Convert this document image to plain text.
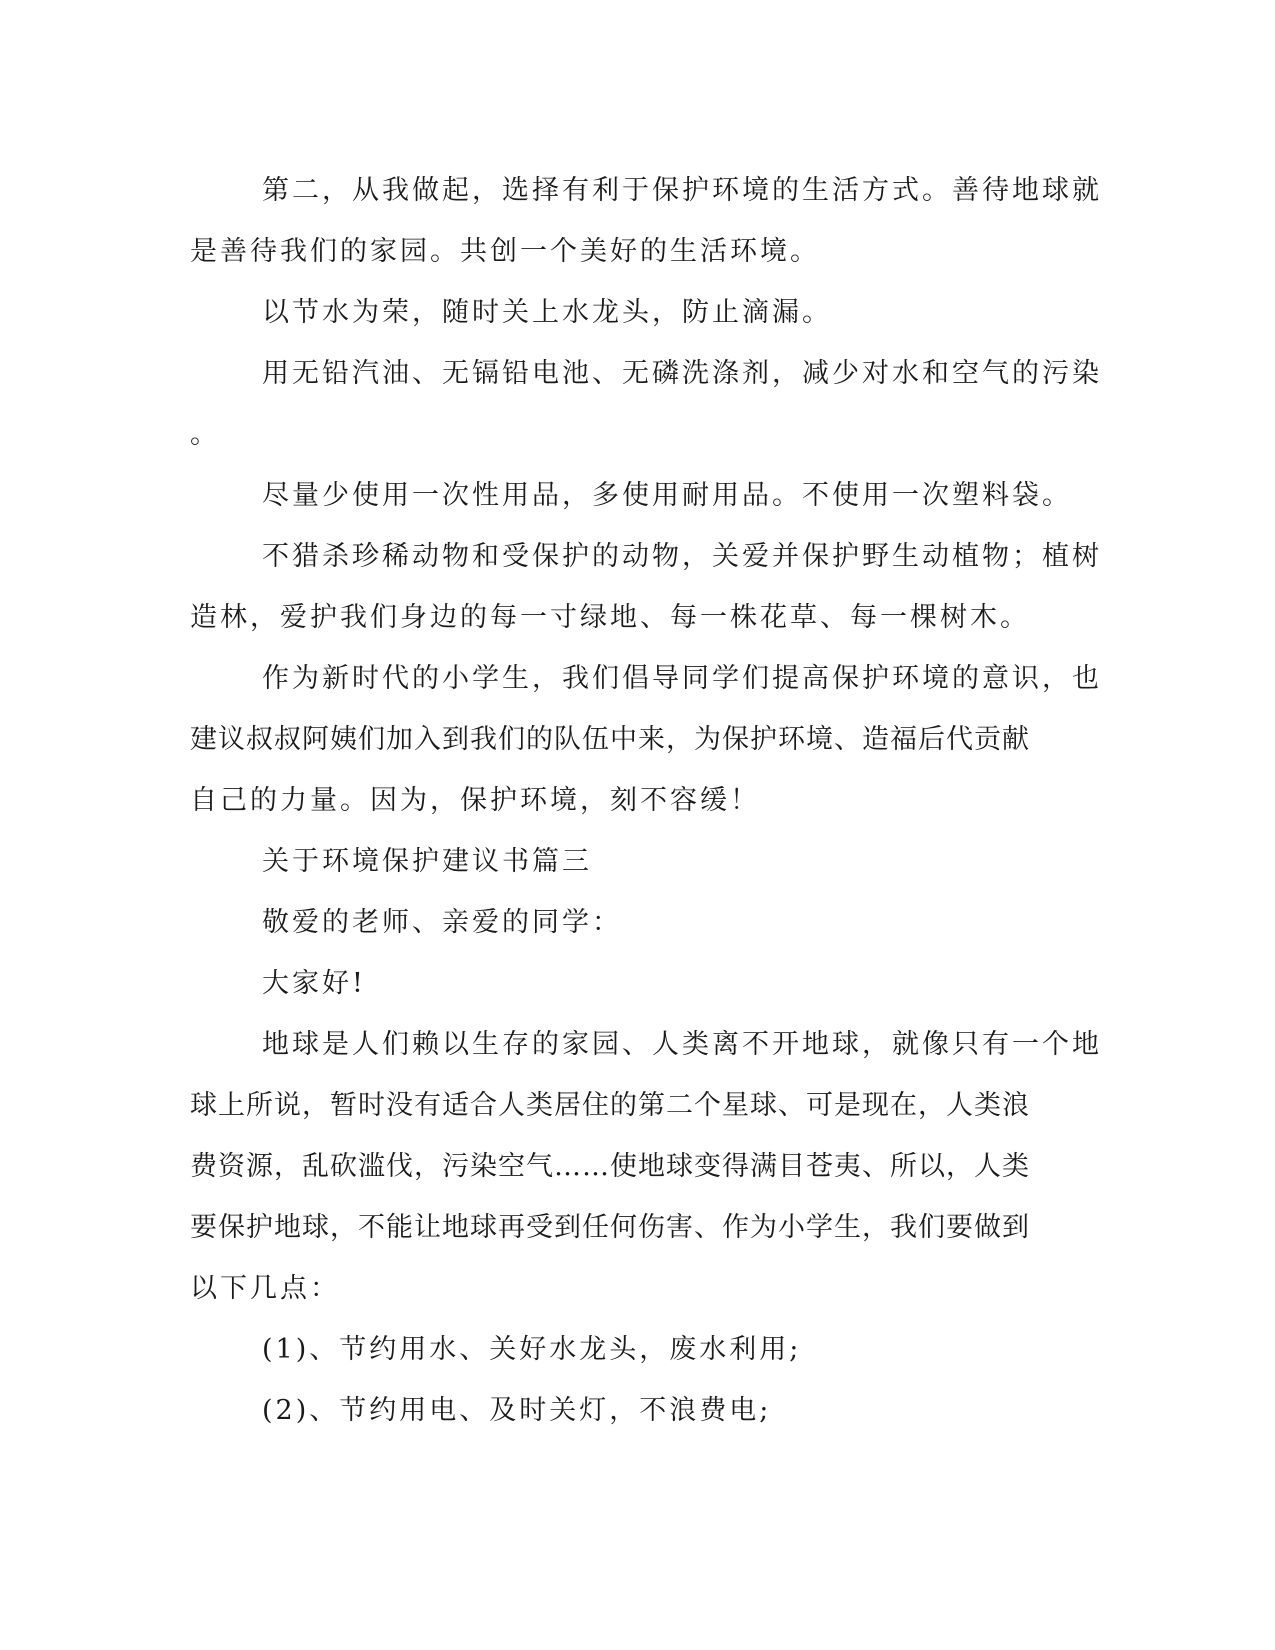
第二，从我做起，选择有利于保护环境的生活方式。善待地球就
是善待我们的家园。共创一个美好的生活环境。
以节水为荣，随时关上水龙头，防止滴漏。
用无铅汽油、无镉铅电池、无磷洗涤剂，减少对水和空气的污染
。
尽量少使用一次性用品，多使用耐用品。不使用一次塑料袋。
不猎杀珍稀动物和受保护的动物，关爱并保护野生动植物；植树
造林，爱护我们身边的每一寸绿地、每一株花草、每一棵树木。
作为新时代的小学生，我们倡导同学们提高保护环境的意识，也
建议叔叔阿姨们加入到我们的队伍中来，为保护环境、造福后代贡献
自己的力量。因为，保护环境，刻不容缓！
关于环境保护建议书篇三
敬爱的老师、亲爱的同学：
大家好!
地球是人们赖以生存的家园、人类离不开地球，就像只有一个地
球上所说，暂时没有适合人类居住的第二个星球、可是现在，人类浪
费资源，乱砍滥伐，污染空气……使地球变得满目苍夷、所以，人类
要保护地球，不能让地球再受到任何伤害、作为小学生，我们要做到
以下几点：
(1)、节约用水、关好水龙头，废水利用;
(2)、节约用电、及时关灯，不浪费电;
